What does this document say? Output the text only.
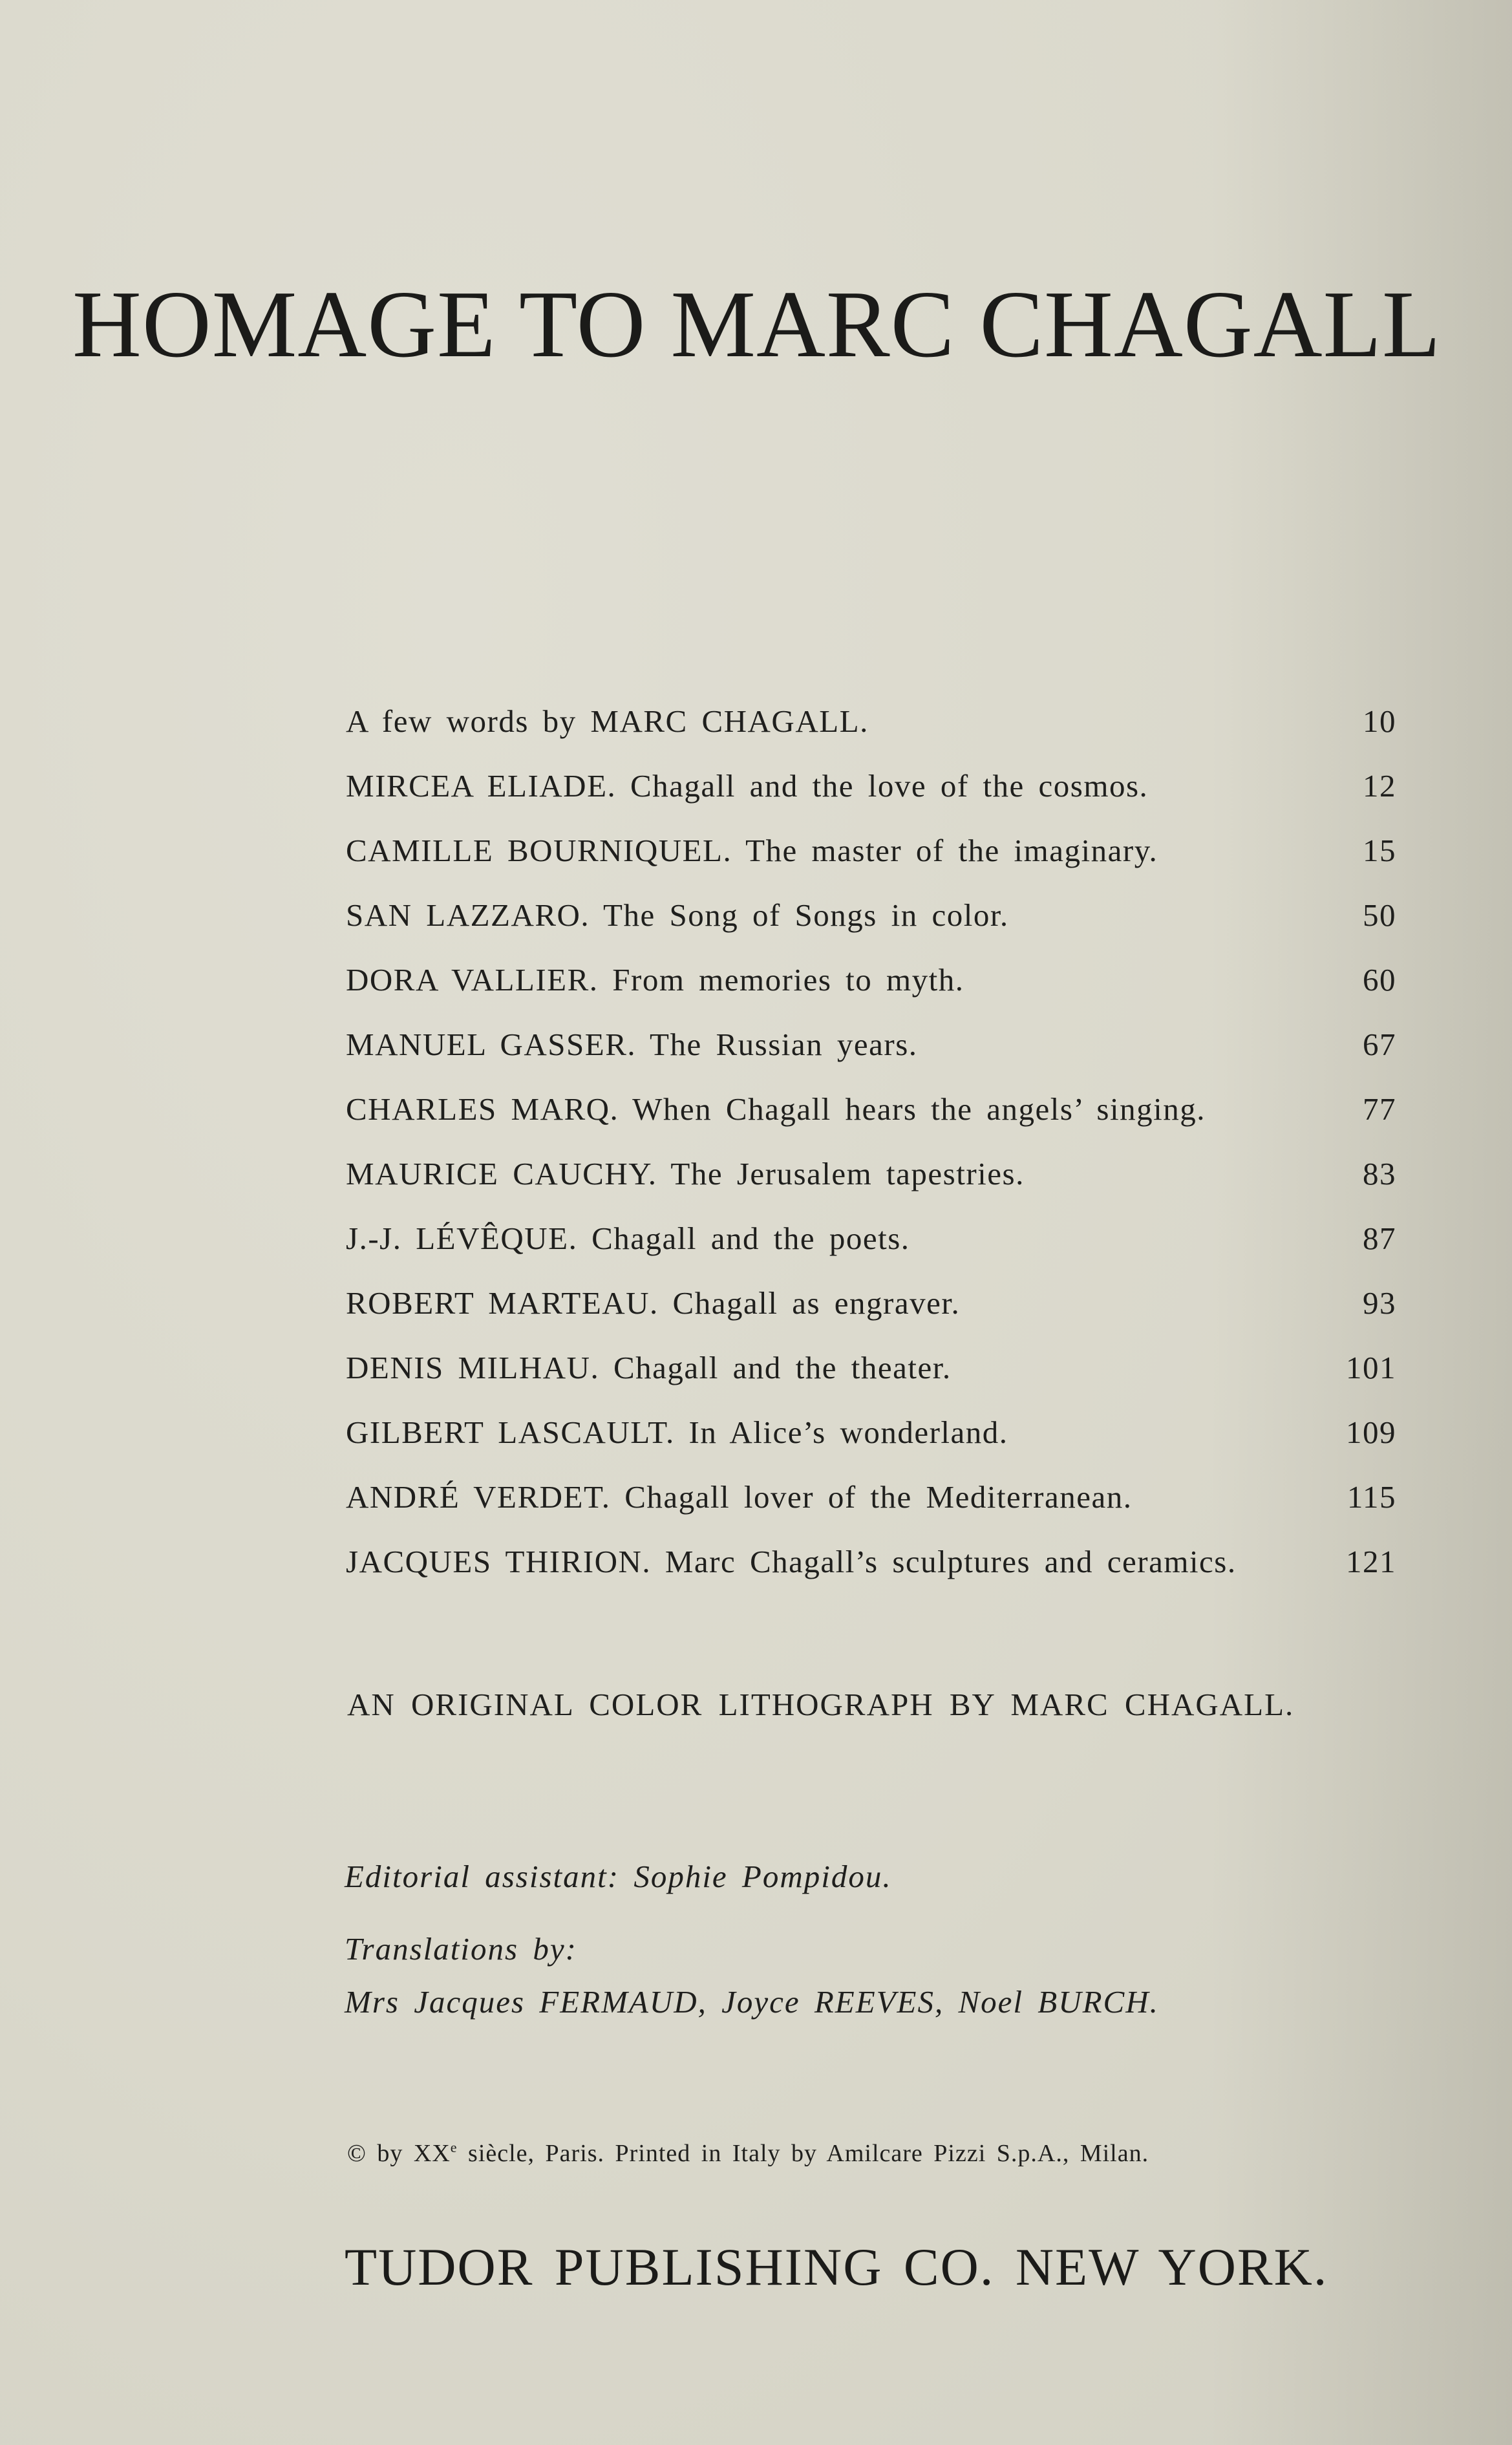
HOMAGE TO MARC CHAGALL
A few words by MARC CHAGALL.	10
MIRCEA ELIADE. Chagall and the love of the cosmos.	12
CAMILLE BOURNIQUEL. The master of the imaginary.	15
SAN LAZZARO. The Song of Songs in color.	50
DORA VALLIER. From memories to myth.	60
MANUEL GASSER. The Russian years.	67
CHARLES MARQ. When Chagall hears the angels’ singing.	77
MAURICE CAUCHY. The Jerusalem tapestries.	83
J.-J. LÉVÊQUE. Chagall and the poets.	87
ROBERT MARTEAU. Chagall as engraver.	93
DENIS MILHAU. Chagall and the theater.	101
GILBERT LASCAULT. In Alice’s wonderland.	109
ANDRÉ VERDET. Chagall lover of the Mediterranean.	115
JACQUES THIRION. Marc Chagall’s sculptures and ceramics.	121
AN ORIGINAL COLOR LITHOGRAPH BY MARC CHAGALL.
Editorial assistant: Sophie Pompidou.
Translations by:
Mrs Jacques FERMAUD, Joyce REEVES, Noel BURCH.
© by XXe siècle, Paris. Printed in Italy by Amilcare Pizzi S.p.A., Milan.
TUDOR PUBLISHING CO. NEW YORK.
